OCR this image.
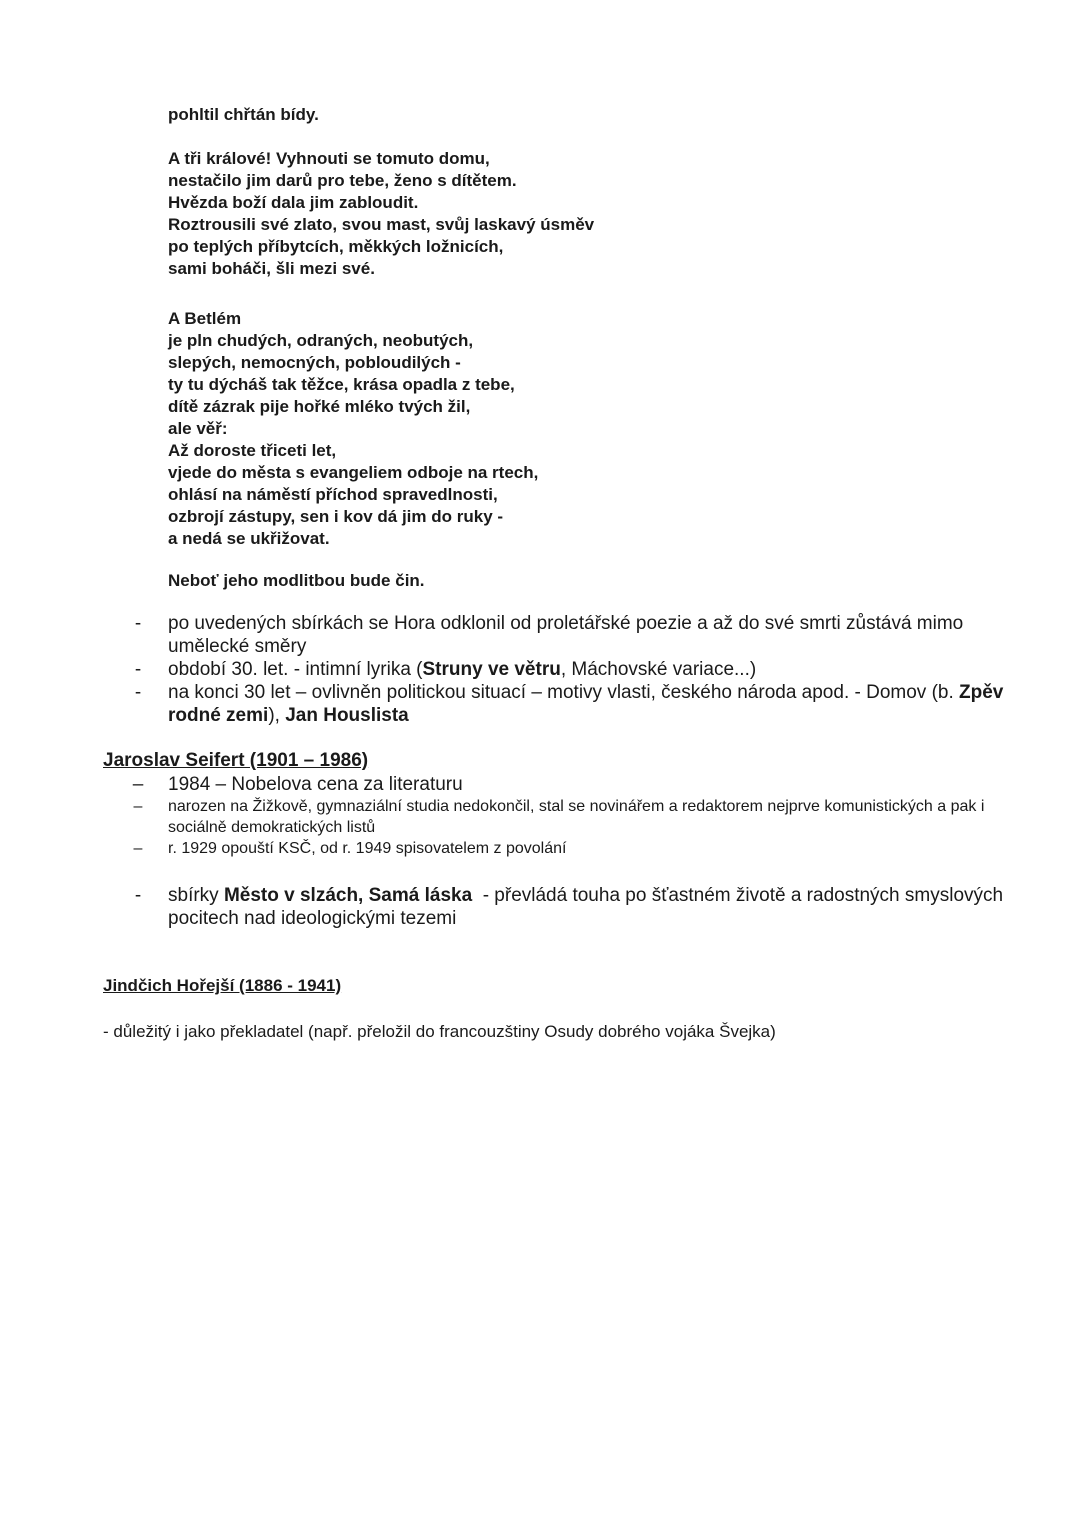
pohltil chřtán bídy.
A tři králové! Vyhnouti se tomuto domu,
nestačilo jim darů pro tebe, ženo s dítětem.
Hvězda boží dala jim zabloudit.
Roztrousili své zlato, svou mast, svůj laskavý úsměv
po teplých příbytcích, měkkých ložnicích,
sami boháči, šli mezi své.
A Betlém
je pln chudých, odraných, neobutých,
slepých, nemocných, pobloudilých -
ty tu dýcháš tak těžce, krása opadla z tebe,
dítě zázrak pije hořké mléko tvých žil,
ale věř:
Až doroste třiceti let,
vjede do města s evangeliem odboje na rtech,
ohlásí na náměstí příchod spravedlnosti,
ozbrojí zástupy, sen i kov dá jim do ruky -
a nedá se ukřižovat.
Neboť jeho modlitbou bude čin.
-	po uvedených sbírkách se Hora odklonil od proletářské poezie a až do své smrti zůstává mimo umělecké směry
-	období 30. let. - intimní lyrika (Struny ve větru, Máchovské variace...)
-	na konci 30 let – ovlivněn politickou situací – motivy vlasti, českého národa apod. - Domov (b. Zpěv rodné zemi), Jan Houslista
Jaroslav Seifert (1901 – 1986)
– 1984 – Nobelova cena za literaturu
–	narozen na Žižkově, gymnaziální studia nedokončil, stal se novinářem a redaktorem nejprve komunistických a pak i sociálně demokratických listů
–	r. 1929 opouští KSČ, od r. 1949 spisovatelem z povolání
-	sbírky Město v slzách, Samá láska  - převládá touha po šťastném životě a radostných smyslových pocitech nad ideologickými tezemi
Jindčich Hořejší (1886 - 1941)

- důležitý i jako překladatel (např. přeložil do francouzštiny Osudy dobrého vojáka Švejka)
